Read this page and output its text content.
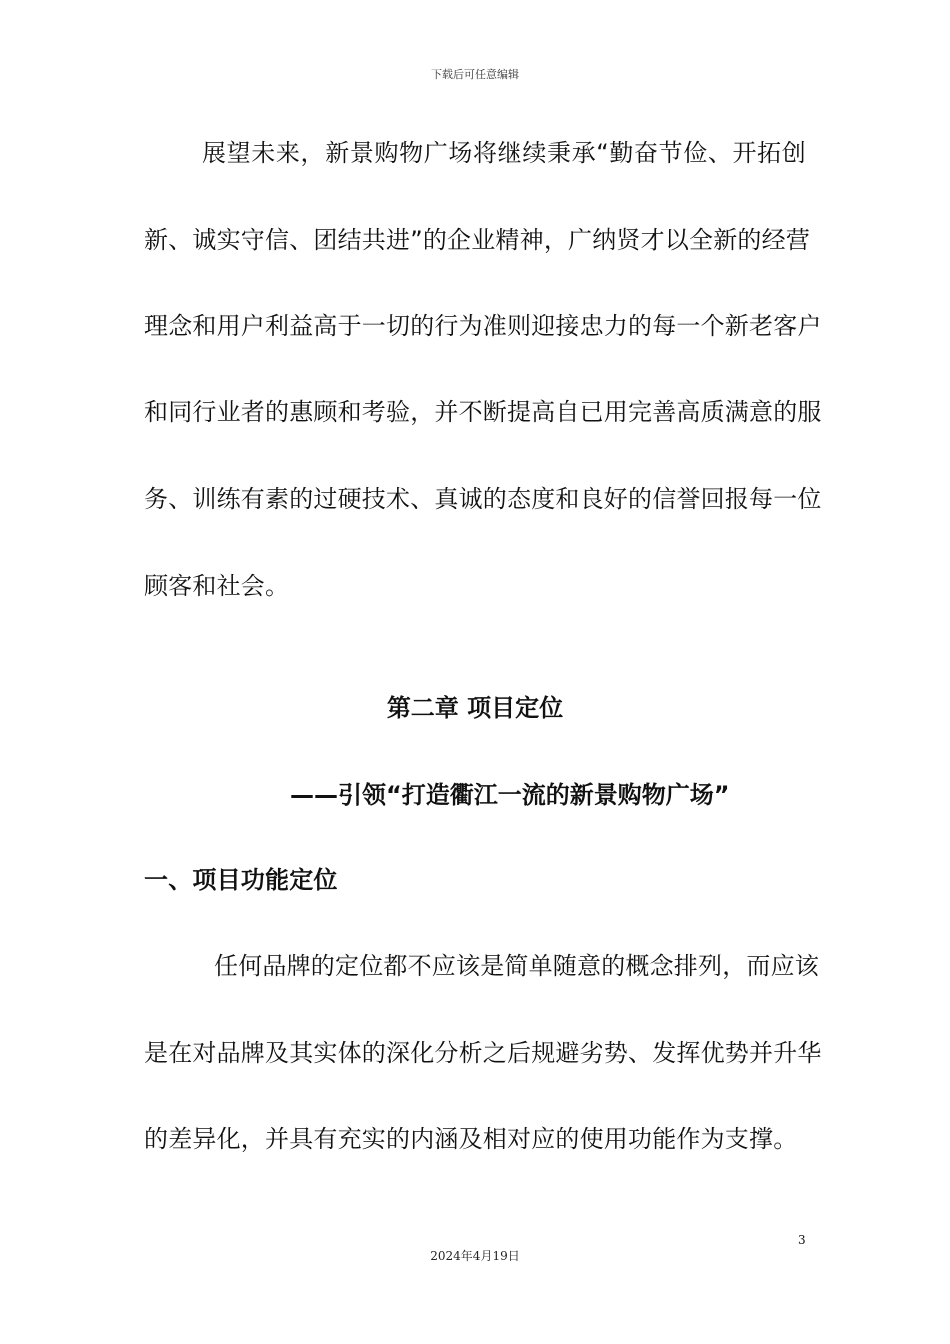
下载后可任意编辑
展望未来，新景购物广场将继续秉承“勤奋节俭、开拓创
新、诚实守信、团结共进”的企业精神，广纳贤才以全新的经营
理念和用户利益高于一切的行为准则迎接忠力的每一个新老客户
和同行业者的惠顾和考验，并不断提高自已用完善高质满意的服
务、训练有素的过硬技术、真诚的态度和良好的信誉回报每一位
顾客和社会。
第二章 项目定位
——引领“打造衢江一流的新景购物广场”
一、项目功能定位
任何品牌的定位都不应该是简单随意的概念排列，而应该
是在对品牌及其实体的深化分析之后规避劣势、发挥优势并升华
的差异化，并具有充实的内涵及相对应的使用功能作为支撑。
3
2024年4月19日
